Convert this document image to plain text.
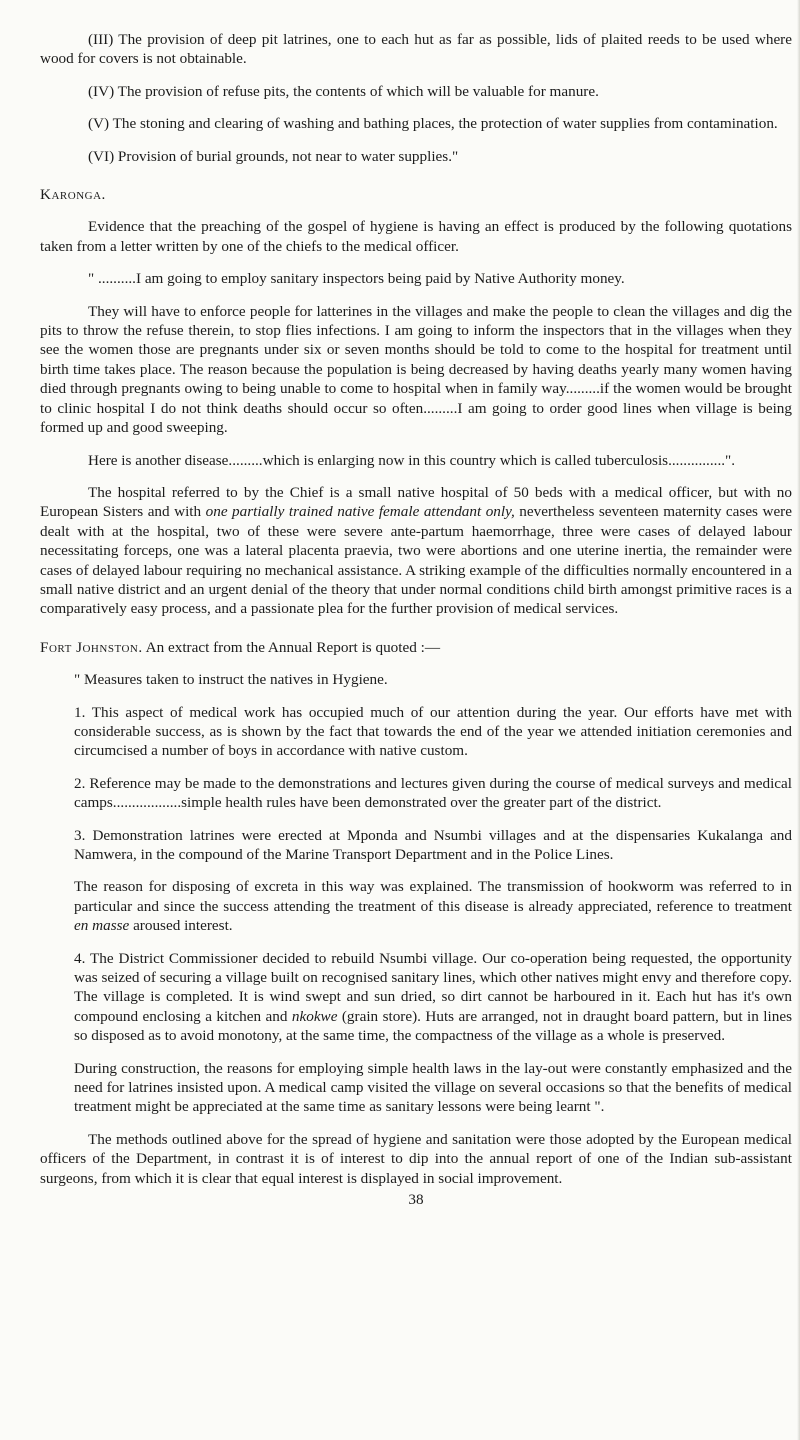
(III) The provision of deep pit latrines, one to each hut as far as possible, lids of plaited reeds to be used where wood for covers is not obtainable.

(IV) The provision of refuse pits, the contents of which will be valuable for manure.

(V) The stoning and clearing of washing and bathing places, the protection of water supplies from contamination.

(VI) Provision of burial grounds, not near to water supplies."

Karonga.

Evidence that the preaching of the gospel of hygiene is having an effect is produced by the following quotations taken from a letter written by one of the chiefs to the medical officer.

" ..........I am going to employ sanitary inspectors being paid by Native Authority money.

They will have to enforce people for latterines in the villages and make the people to clean the villages and dig the pits to throw the refuse therein, to stop flies infections. I am going to inform the inspectors that in the villages when they see the women those are pregnants under six or seven months should be told to come to the hospital for treatment until birth time takes place. The reason because the population is being decreased by having deaths yearly many women having died through pregnants owing to being unable to come to hospital when in family way.........if the women would be brought to clinic hospital I do not think deaths should occur so often.........I am going to order good lines when village is being formed up and good sweeping.

Here is another disease.........which is enlarging now in this country which is called tuberculosis...............".

The hospital referred to by the Chief is a small native hospital of 50 beds with a medical officer, but with no European Sisters and with one partially trained native female attendant only, nevertheless seventeen maternity cases were dealt with at the hospital, two of these were severe ante-partum haemorrhage, three were cases of delayed labour necessitating forceps, one was a lateral placenta praevia, two were abortions and one uterine inertia, the remainder were cases of delayed labour requiring no mechanical assistance. A striking example of the difficulties normally encountered in a small native district and an urgent denial of the theory that under normal conditions child birth amongst primitive races is a comparatively easy process, and a passionate plea for the further provision of medical services.

Fort Johnston. An extract from the Annual Report is quoted :—

" Measures taken to instruct the natives in Hygiene.

1. This aspect of medical work has occupied much of our attention during the year. Our efforts have met with considerable success, as is shown by the fact that towards the end of the year we attended initiation ceremonies and circumcised a number of boys in accordance with native custom.

2. Reference may be made to the demonstrations and lectures given during the course of medical surveys and medical camps..................simple health rules have been demonstrated over the greater part of the district.

3. Demonstration latrines were erected at Mponda and Nsumbi villages and at the dispensaries Kukalanga and Namwera, in the compound of the Marine Transport Department and in the Police Lines.

The reason for disposing of excreta in this way was explained. The transmission of hookworm was referred to in particular and since the success attending the treatment of this disease is already appreciated, reference to treatment en masse aroused interest.

4. The District Commissioner decided to rebuild Nsumbi village. Our co-operation being requested, the opportunity was seized of securing a village built on recognised sanitary lines, which other natives might envy and therefore copy. The village is completed. It is wind swept and sun dried, so dirt cannot be harboured in it. Each hut has it's own compound enclosing a kitchen and nkokwe (grain store). Huts are arranged, not in draught board pattern, but in lines so disposed as to avoid monotony, at the same time, the compactness of the village as a whole is preserved.

During construction, the reasons for employing simple health laws in the lay-out were constantly emphasized and the need for latrines insisted upon. A medical camp visited the village on several occasions so that the benefits of medical treatment might be appreciated at the same time as sanitary lessons were being learnt ".

The methods outlined above for the spread of hygiene and sanitation were those adopted by the European medical officers of the Department, in contrast it is of interest to dip into the annual report of one of the Indian sub-assistant surgeons, from which it is clear that equal interest is displayed in social improvement.

38
